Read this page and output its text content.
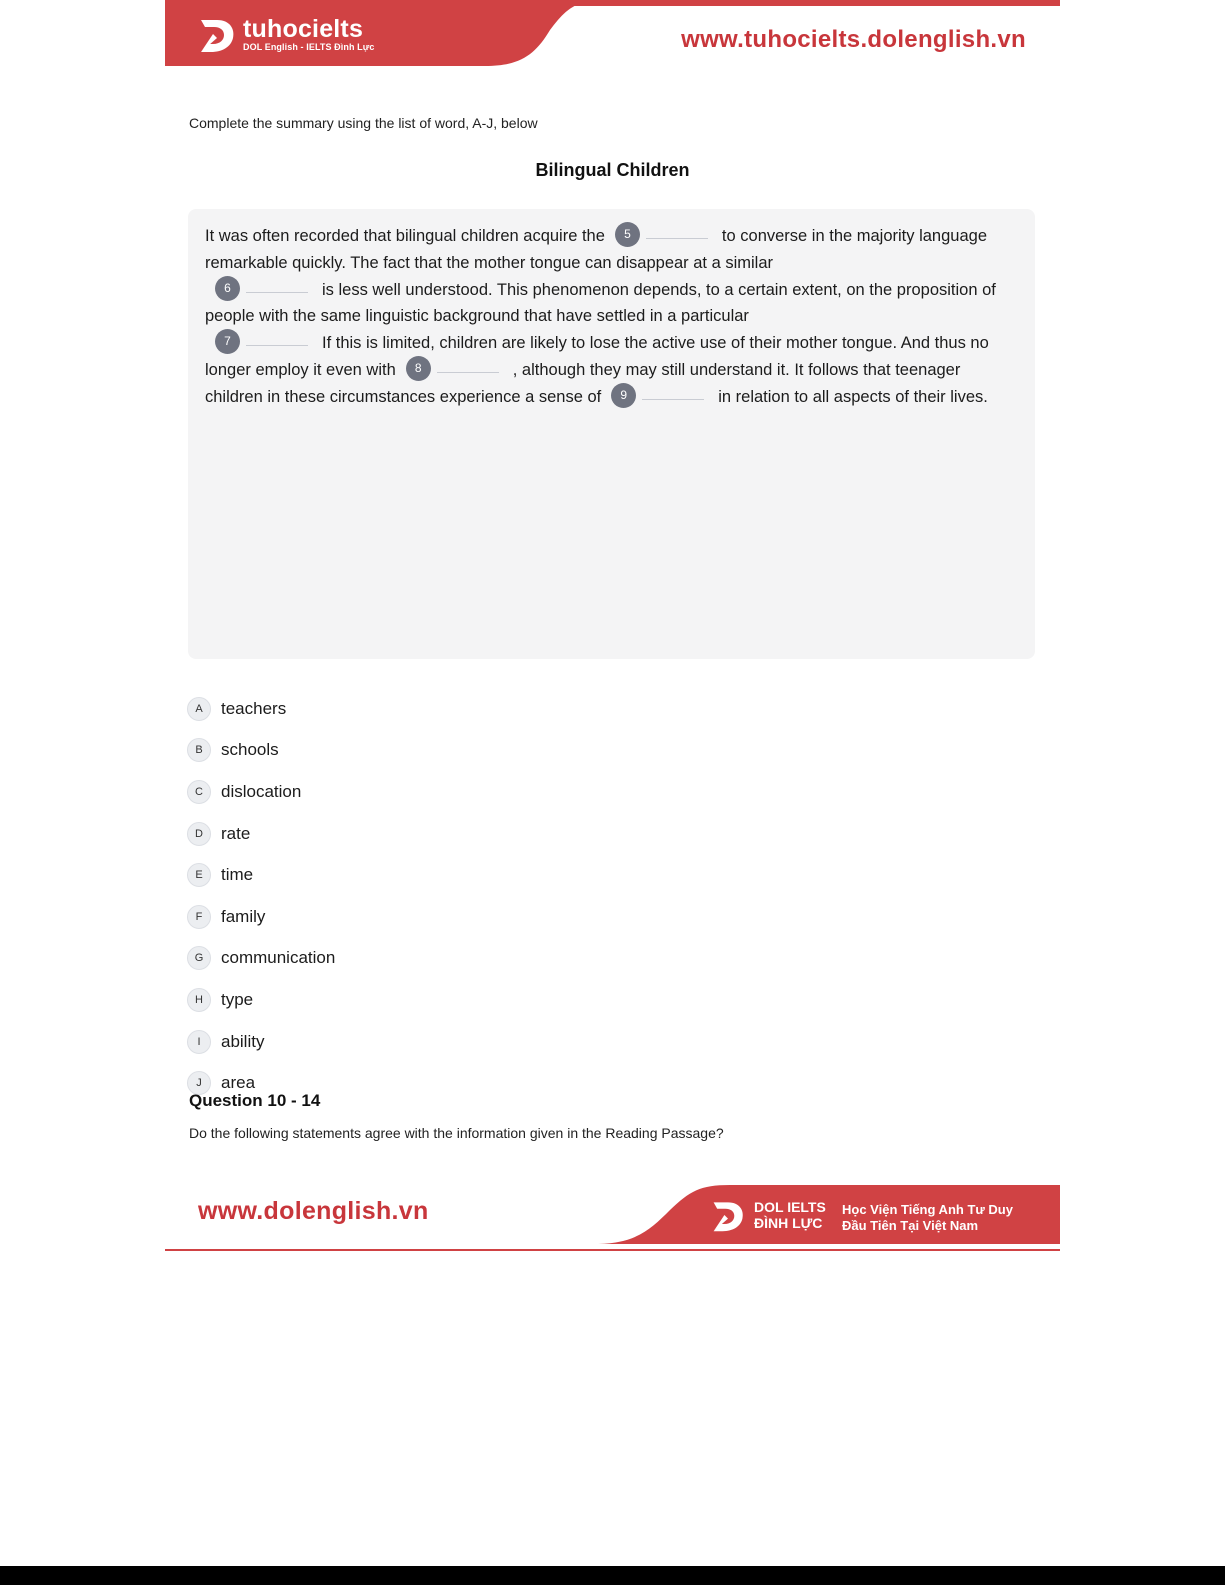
tuhocielts
DOL English - IELTS Đình Lực	www.tuhocielts.dolenglish.vn
Complete the summary using the list of word, A-J, below
Bilingual Children
It was often recorded that bilingual children acquire the 5	to converse in the majority language remarkable quickly. The fact that the mother tongue can disappear at a similar
6	is less well understood. This phenomenon depends, to a certain extent, on the proposition of people with the same linguistic background that have settled in a particular
7	If this is limited, children are likely to lose the active use of their mother tongue. And thus no longer employ it even with 8	, although they may still understand it. It follows that teenager children in these circumstances experience a sense of 9	in relation to all aspects of their lives.
A	teachers
B	schools
C	dislocation
D	rate
E	time
F	family
G	communication
H	type
I	ability
J	area
Question 10 - 14
Do the following statements agree with the information given in the Reading Passage?
www.dolenglish.vn	DOL IELTS
ĐÌNH LỰC
Học Viện Tiếng Anh Tư Duy
Đầu Tiên Tại Việt Nam
